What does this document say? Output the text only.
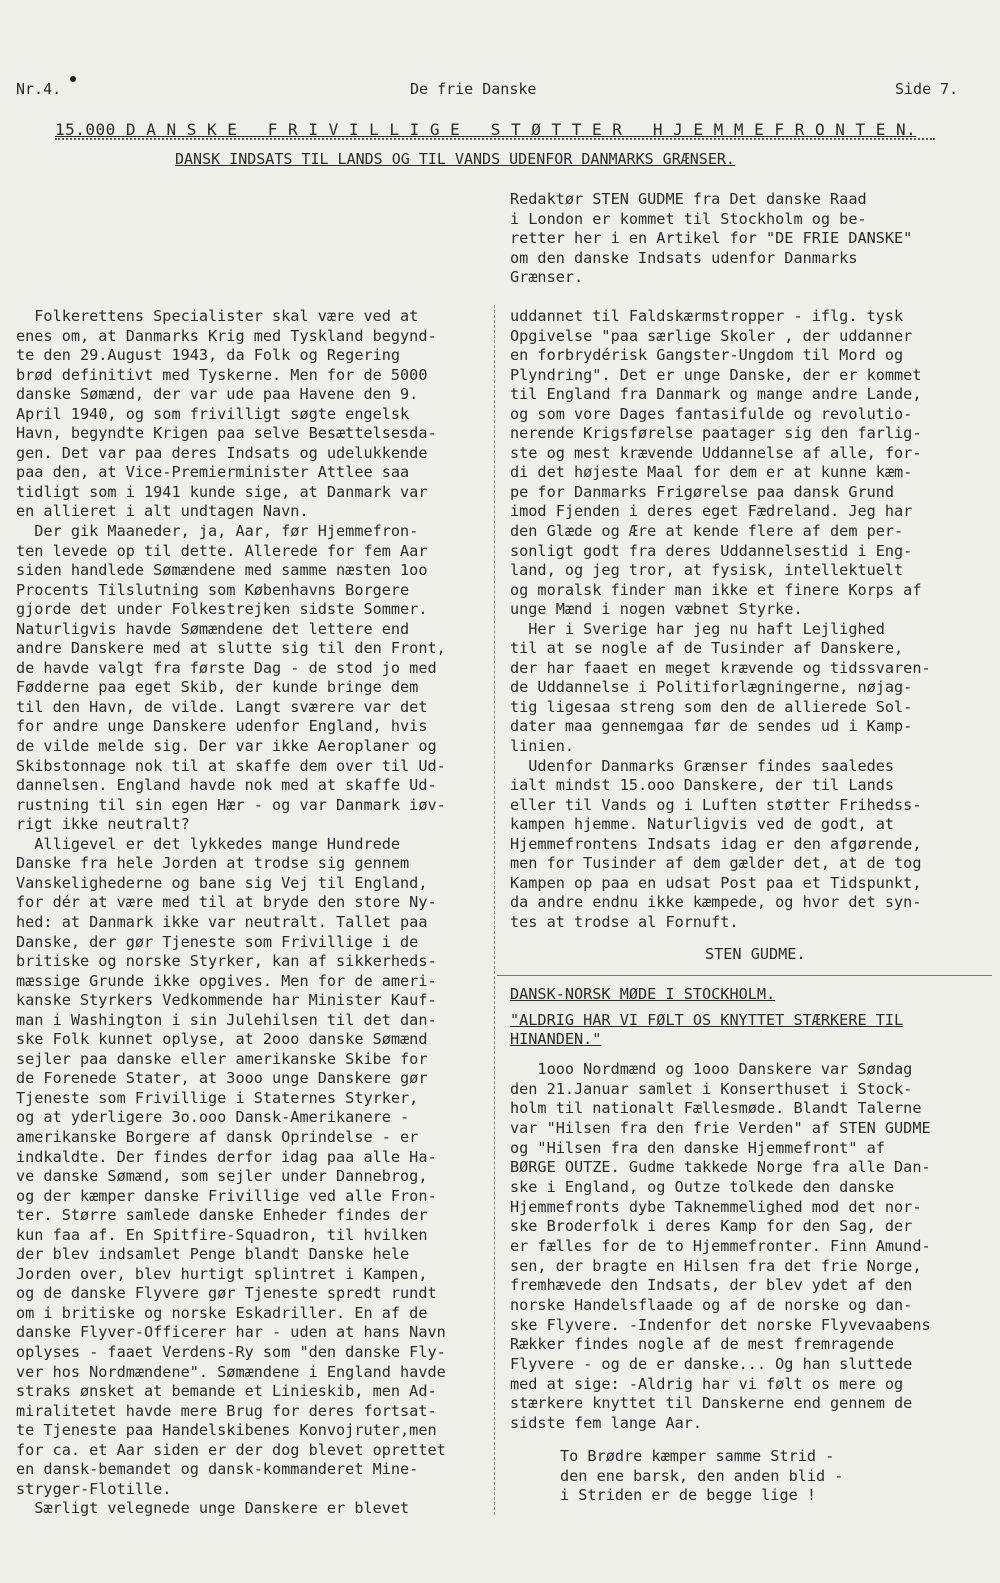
Nr.4.	De frie Danske	Side 7.
15.000 D A N S K E   F R I V I L L I G E   S T Ø T T E R   H J E M M E F R O N T E N.
DANSK INDSATS TIL LANDS OG TIL VANDS UDENFOR DANMARKS GRÆNSER.

Redaktør STEN GUDME fra Det danske Raad

i London er kommet til Stockholm og be-

retter her i en Artikel for "DE FRIE DANSKE"

om den danske Indsats udenfor Danmarks

Grænser.

Folkerettens Specialister skal være ved at

enes om, at Danmarks Krig med Tyskland begynd-

te den 29.August 1943, da Folk og Regering

brød definitivt med Tyskerne. Men for de 5000

danske Sømænd, der var ude paa Havene den 9.

April 1940, og som frivilligt søgte engelsk

Havn, begyndte Krigen paa selve Besættelsesda-

gen. Det var paa deres Indsats og udelukkende

paa den, at Vice-Premierminister Attlee saa

tidligt som i 1941 kunde sige, at Danmark var

en allieret i alt undtagen Navn.

Der gik Maaneder, ja, Aar, før Hjemmefron-

ten levede op til dette. Allerede for fem Aar

siden handlede Sømændene med samme næsten 1oo

Procents Tilslutning som Københavns Borgere

gjorde det under Folkestrejken sidste Sommer.

Naturligvis havde Sømændene det lettere end

andre Danskere med at slutte sig til den Front,

de havde valgt fra første Dag - de stod jo med

Fødderne paa eget Skib, der kunde bringe dem

til den Havn, de vilde. Langt sværere var det

for andre unge Danskere udenfor England, hvis

de vilde melde sig. Der var ikke Aeroplaner og

Skibstonnage nok til at skaffe dem over til Ud-

dannelsen. England havde nok med at skaffe Ud-

rustning til sin egen Hær - og var Danmark iøv-

rigt ikke neutralt?

Alligevel er det lykkedes mange Hundrede

Danske fra hele Jorden at trodse sig gennem

Vanskelighederne og bane sig Vej til England,

for dér at være med til at bryde den store Ny-

hed: at Danmark ikke var neutralt. Tallet paa

Danske, der gør Tjeneste som Frivillige i de

britiske og norske Styrker, kan af sikkerheds-

mæssige Grunde ikke opgives. Men for de ameri-

kanske Styrkers Vedkommende har Minister Kauf-

man i Washington i sin Julehilsen til det dan-

ske Folk kunnet oplyse, at 2ooo danske Sømænd

sejler paa danske eller amerikanske Skibe for

de Forenede Stater, at 3ooo unge Danskere gør

Tjeneste som Frivillige i Staternes Styrker,

og at yderligere 3o.ooo Dansk-Amerikanere -

amerikanske Borgere af dansk Oprindelse - er

indkaldte. Der findes derfor idag paa alle Ha-

ve danske Sømænd, som sejler under Dannebrog,

og der kæmper danske Frivillige ved alle Fron-

ter. Større samlede danske Enheder findes der

kun faa af. En Spitfire-Squadron, til hvilken

der blev indsamlet Penge blandt Danske hele

Jorden over, blev hurtigt splintret i Kampen,

og de danske Flyvere gør Tjeneste spredt rundt

om i britiske og norske Eskadriller. En af de

danske Flyver-Officerer har - uden at hans Navn

oplyses - faaet Verdens-Ry som "den danske Fly-

ver hos Nordmændene". Sømændene i England havde

straks ønsket at bemande et Linieskib, men Ad-

miralitetet havde mere Brug for deres fortsat-

te Tjeneste paa Handelskibenes Konvojruter,men

for ca. et Aar siden er der dog blevet oprettet

en dansk-bemandet og dansk-kommanderet Mine-

stryger-Flotille.

Særligt velegnede unge Danskere er blevet

uddannet til Faldskærmstropper - iflg. tysk

Opgivelse "paa særlige Skoler , der uddanner

en forbrydérisk Gangster-Ungdom til Mord og

Plyndring". Det er unge Danske, der er kommet

til England fra Danmark og mange andre Lande,

og som vore Dages fantasifulde og revolutio-

nerende Krigsførelse paatager sig den farlig-

ste og mest krævende Uddannelse af alle, for-

di det højeste Maal for dem er at kunne kæm-

pe for Danmarks Frigørelse paa dansk Grund

imod Fjenden i deres eget Fædreland. Jeg har

den Glæde og Ære at kende flere af dem per-

sonligt godt fra deres Uddannelsestid i Eng-

land, og jeg tror, at fysisk, intellektuelt

og moralsk finder man ikke et finere Korps af

unge Mænd i nogen væbnet Styrke.

Her i Sverige har jeg nu haft Lejlighed

til at se nogle af de Tusinder af Danskere,

der har faaet en meget krævende og tidssvaren-

de Uddannelse i Politiforlægningerne, nøjag-

tig ligesaa streng som den de allierede Sol-

dater maa gennemgaa før de sendes ud i Kamp-

linien.

Udenfor Danmarks Grænser findes saaledes

ialt mindst 15.ooo Danskere, der til Lands

eller til Vands og i Luften støtter Frihedss-

kampen hjemme. Naturligvis ved de godt, at

Hjemmefrontens Indsats idag er den afgørende,

men for Tusinder af dem gælder det, at de tog

Kampen op paa en udsat Post paa et Tidspunkt,

da andre endnu ikke kæmpede, og hvor det syn-

tes at trodse al Fornuft.

STEN GUDME.

DANSK-NORSK MØDE I STOCKHOLM.

"ALDRIG HAR VI FØLT OS KNYTTET STÆRKERE TIL

HINANDEN."

1ooo Nordmænd og 1ooo Danskere var Søndag

den 21.Januar samlet i Konserthuset i Stock-

holm til nationalt Fællesmøde. Blandt Talerne

var "Hilsen fra den frie Verden" af STEN GUDME

og "Hilsen fra den danske Hjemmefront" af

BØRGE OUTZE. Gudme takkede Norge fra alle Dan-

ske i England, og Outze tolkede den danske

Hjemmefronts dybe Taknemmelighed mod det nor-

ske Broderfolk i deres Kamp for den Sag, der

er fælles for de to Hjemmefronter. Finn Amund-

sen, der bragte en Hilsen fra det frie Norge,

fremhævede den Indsats, der blev ydet af den

norske Handelsflaade og af de norske og dan-

ske Flyvere. -Indenfor det norske Flyvevaabens

Rækker findes nogle af de mest fremragende

Flyvere - og de er danske... Og han sluttede

med at sige: -Aldrig har vi følt os mere og

stærkere knyttet til Danskerne end gennem de

sidste fem lange Aar.

To Brødre kæmper samme Strid -

den ene barsk, den anden blid -

i Striden er de begge lige !
